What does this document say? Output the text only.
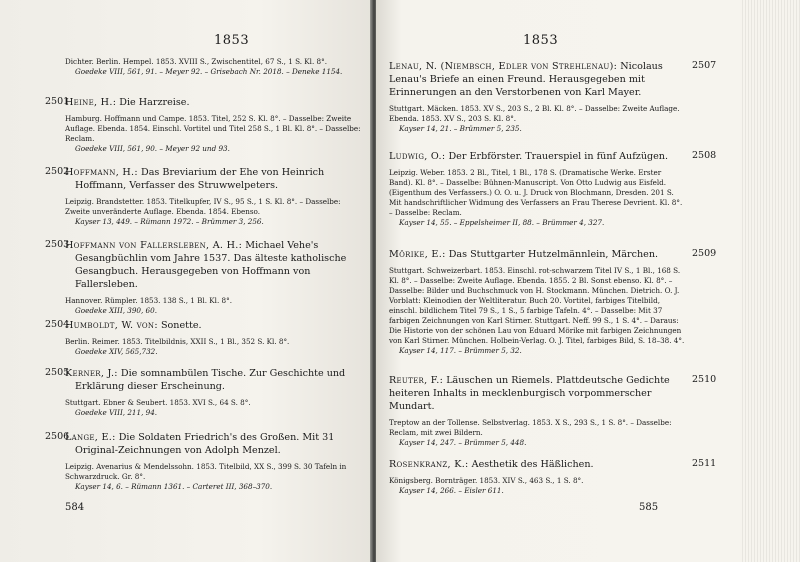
1853
Dichter. Berlin. Hempel. 1853. XVIII S., Zwischentitel, 67 S., 1 S. Kl. 8°.
Goedeke VIII, 561, 91. – Meyer 92. – Grisebach Nr. 2018. – Deneke 1154.
2501
Heine, H.: Die Harzreise.
Hamburg. Hoffmann und Campe. 1853. Titel, 252 S. Kl. 8°. – Dasselbe: Zweite Auflage. Ebenda. 1854. Einschl. Vortitel und Titel 258 S., 1 Bl. Kl. 8°. – Dasselbe: Reclam.
Goedeke VIII, 561, 90. – Meyer 92 und 93.
2502
Hoffmann, H.: Das Breviarium der Ehe von Heinrich Hoffmann, Verfasser des Struwwelpeters.
Leipzig. Brandstetter. 1853. Titelkupfer, IV S., 95 S., 1 S. Kl. 8°. – Dasselbe: Zweite unveränderte Auflage. Ebenda. 1854. Ebenso.
Kayser 13, 449. – Rümann 1972. – Brümmer 3, 256.
2503
Hoffmann von Fallersleben, A. H.: Michael Vehe's Gesangbüchlin vom Jahre 1537. Das älteste katholische Gesangbuch. Herausgegeben von Hoffmann von Fallersleben.
Hannover. Rümpler. 1853. 138 S., 1 Bl. Kl. 8°.
Goedeke XIII, 390, 60.
2504
Humboldt, W. von: Sonette.
Berlin. Reimer. 1853. Titelbildnis, XXII S., 1 Bl., 352 S. Kl. 8°.
Goedeke XIV, 565,732.
2505
Kerner, J.: Die somnambülen Tische. Zur Geschichte und Erklärung dieser Erscheinung.
Stuttgart. Ebner & Seubert. 1853. XVI S., 64 S. 8°.
Goedeke VIII, 211, 94.
2506
Lange, E.: Die Soldaten Friedrich's des Großen. Mit 31 Original-Zeichnungen von Adolph Menzel.
Leipzig. Avenarius & Mendelssohn. 1853. Titelbild, XX S., 399 S. 30 Tafeln in Schwarzdruck. Gr. 8°.
Kayser 14, 6. – Rümann 1361. – Carteret III, 368–370.
584
1853
2507
Lenau, N. (Niembsch, Edler von Strehlenau): Nicolaus Lenau's Briefe an einen Freund. Herausgegeben mit Erinnerungen an den Verstorbenen von Karl Mayer.
Stuttgart. Mäcken. 1853. XV S., 203 S., 2 Bl. Kl. 8°. – Dasselbe: Zweite Auflage. Ebenda. 1853. XV S., 203 S. Kl. 8°.
Kayser 14, 21. – Brümmer 5, 235.
2508
Ludwig, O.: Der Erbförster. Trauerspiel in fünf Aufzügen.
Leipzig. Weber. 1853. 2 Bl., Titel, 1 Bl., 178 S. (Dramatische Werke. Erster Band). Kl. 8°. – Dasselbe: Bühnen-Manuscript. Von Otto Ludwig aus Eisfeld. (Eigenthum des Verfassers.) O. O. u. J. Druck von Blochmann, Dresden. 201 S. Mit handschriftlicher Widmung des Verfassers an Frau Therese Devrient. Kl. 8°. – Dasselbe: Reclam.
Kayser 14, 55. – Eppelsheimer II, 88. – Brümmer 4, 327.
2509
Mörike, E.: Das Stuttgarter Hutzelmännlein, Märchen.
Stuttgart. Schweizerbart. 1853. Einschl. rot-schwarzem Titel IV S., 1 Bl., 168 S. Kl. 8°. – Dasselbe: Zweite Auflage. Ebenda. 1855. 2 Bl. Sonst ebenso. Kl. 8°. – Dasselbe: Bilder und Buchschmuck von H. Stockmann. München. Dietrich. O. J. Vorblatt: Kleinodien der Weltliteratur. Buch 20. Vortitel, farbiges Titelbild, einschl. bildlichem Titel 79 S., 1 S., 5 farbige Tafeln. 4°. – Dasselbe: Mit 37 farbigen Zeichnungen von Karl Stirner. Stuttgart. Neff. 99 S., 1 S. 4°. – Daraus: Die Historie von der schönen Lau von Eduard Mörike mit farbigen Zeichnungen von Karl Stirner. München. Holbein-Verlag. O. J. Titel, farbiges Bild, S. 18–38. 4°.
Kayser 14, 117. – Brümmer 5, 32.
2510
Reuter, F.: Läuschen un Riemels. Plattdeutsche Gedichte heiteren Inhalts in mecklenburgisch vorpommerscher Mundart.
Treptow an der Tollense. Selbstverlag. 1853. X S., 293 S., 1 S. 8°. – Dasselbe: Reclam, mit zwei Bildern.
Kayser 14, 247. – Brümmer 5, 448.
2511
Rosenkranz, K.: Aesthetik des Häßlichen.
Königsberg. Bornträger. 1853. XIV S., 463 S., 1 S. 8°.
Kayser 14, 266. – Eisler 611.
585
